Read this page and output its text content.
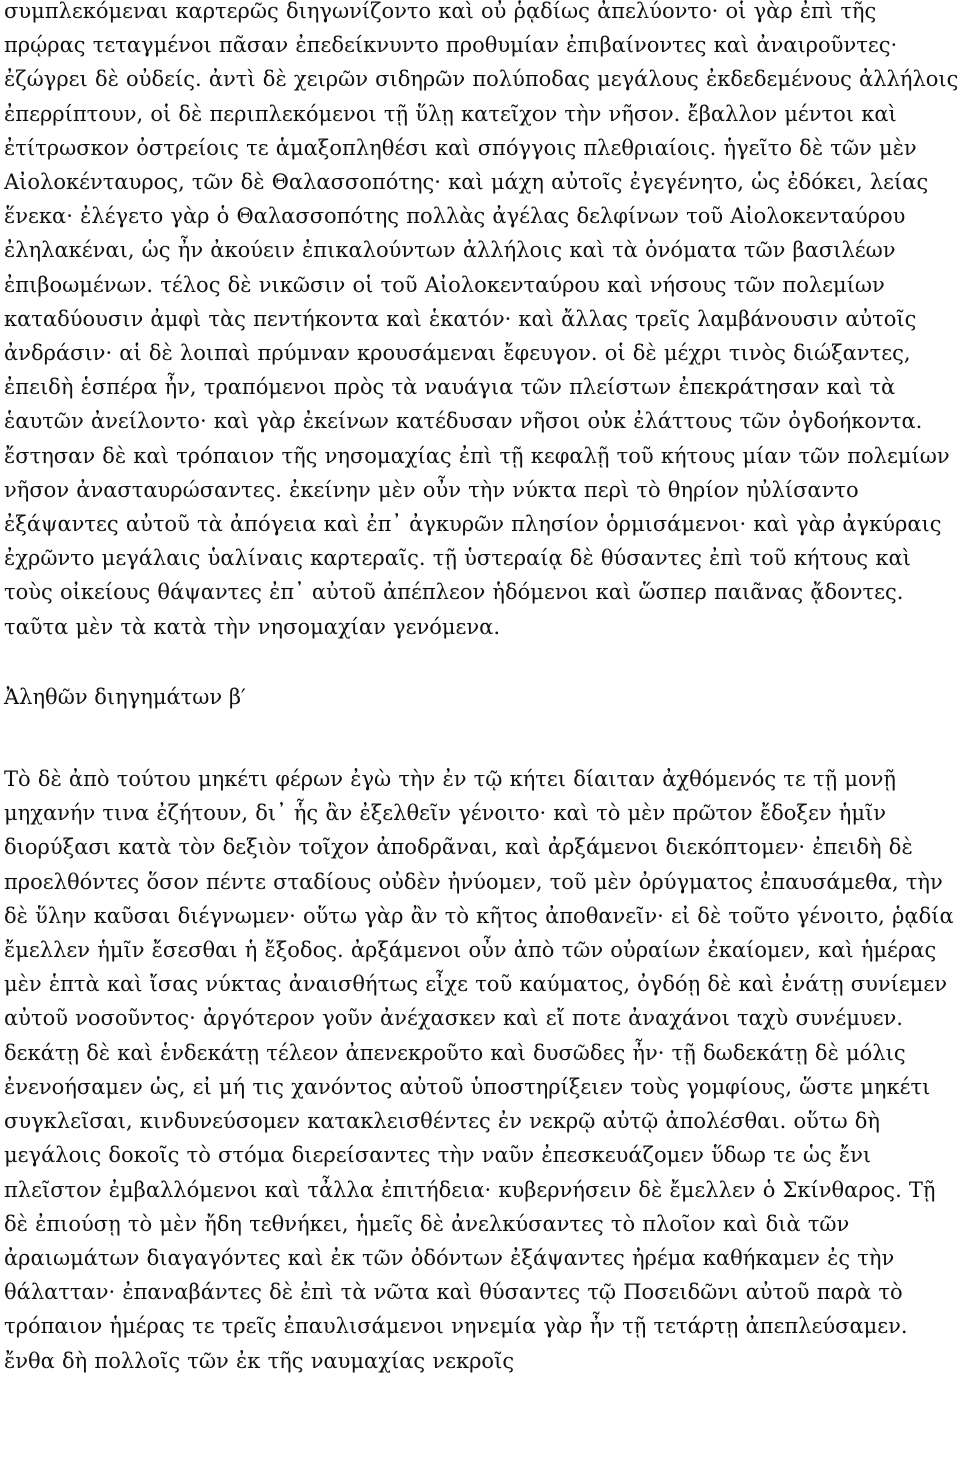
συμπλεκόμεναι καρτερῶς διηγωνίζοντο καὶ οὐ ῥᾳδίως ἀπελύοντο· οἱ γὰρ ἐπὶ τῆς πρῴρας τεταγμένοι πᾶσαν ἐπεδείκνυντο προθυμίαν ἐπιβαίνοντες καὶ ἀναιροῦντες· ἐζώγρει δὲ οὐδείς. ἀντὶ δὲ χειρῶν σιδηρῶν πολύποδας μεγάλους ἐκδεδεμένους ἀλλήλοις ἐπερρίπτουν, οἱ δὲ περιπλεκόμενοι τῇ ὕλῃ κατεῖχον τὴν νῆσον. ἔβαλλον μέντοι καὶ ἐτίτρωσκον ὀστρείοις τε ἁμαξοπληθέσι καὶ σπόγγοις πλεθριαίοις. ἡγεῖτο δὲ τῶν μὲν Αἰολοκένταυρος, τῶν δὲ Θαλασσοπότης· καὶ μάχη αὐτοῖς ἐγεγένητο, ὡς ἐδόκει, λείας ἕνεκα· ἐλέγετο γὰρ ὁ Θαλασσοπότης πολλὰς ἀγέλας δελφίνων τοῦ Αἰολοκενταύρου ἐληλακέναι, ὡς ἦν ἀκούειν ἐπικαλούντων ἀλλήλοις καὶ τὰ ὀνόματα τῶν βασιλέων ἐπιβοωμένων. τέλος δὲ νικῶσιν οἱ τοῦ Αἰολοκενταύρου καὶ νήσους τῶν πολεμίων καταδύουσιν ἀμφὶ τὰς πεντήκοντα καὶ ἑκατόν· καὶ ἄλλας τρεῖς λαμβάνουσιν αὐτοῖς ἀνδράσιν· αἱ δὲ λοιπαὶ πρύμναν κρουσάμεναι ἔφευγον. οἱ δὲ μέχρι τινὸς διώξαντες, ἐπειδὴ ἑσπέρα ἦν, τραπόμενοι πρὸς τὰ ναυάγια τῶν πλείστων ἐπεκράτησαν καὶ τὰ ἑαυτῶν ἀνείλοντο· καὶ γὰρ ἐκείνων κατέδυσαν νῆσοι οὐκ ἐλάττους τῶν ὀγδοήκοντα. ἔστησαν δὲ καὶ τρόπαιον τῆς νησομαχίας ἐπὶ τῇ κεφαλῇ τοῦ κήτους μίαν τῶν πολεμίων νῆσον ἀνασταυρώσαντες. ἐκείνην μὲν οὖν τὴν νύκτα περὶ τὸ θηρίον ηὐλίσαντο ἐξάψαντες αὐτοῦ τὰ ἀπόγεια καὶ ἐπ᾽ ἀγκυρῶν πλησίον ὁρμισάμενοι· καὶ γὰρ ἀγκύραις ἐχρῶντο μεγάλαις ὑαλίναις καρτεραῖς. τῇ ὑστεραίᾳ δὲ θύσαντες ἐπὶ τοῦ κήτους καὶ τοὺς οἰκείους θάψαντες ἐπ᾽ αὐτοῦ ἀπέπλεον ἡδόμενοι καὶ ὥσπερ παιᾶνας ᾄδοντες. ταῦτα μὲν τὰ κατὰ τὴν νησομαχίαν γενόμενα.

Ἀληθῶν διηγημάτων β′

Τὸ δὲ ἀπὸ τούτου μηκέτι φέρων ἐγὼ τὴν ἐν τῷ κήτει δίαιταν ἀχθόμενός τε τῇ μονῇ μηχανήν τινα ἐζήτουν, δι᾽ ἧς ἂν ἐξελθεῖν γένοιτο· καὶ τὸ μὲν πρῶτον ἔδοξεν ἡμῖν διορύξασι κατὰ τὸν δεξιὸν τοῖχον ἀποδρᾶναι, καὶ ἀρξάμενοι διεκόπτομεν· ἐπειδὴ δὲ προελθόντες ὅσον πέντε σταδίους οὐδὲν ἠνύομεν, τοῦ μὲν ὀρύγματος ἐπαυσάμεθα, τὴν δὲ ὕλην καῦσαι διέγνωμεν· οὕτω γὰρ ἂν τὸ κῆτος ἀποθανεῖν· εἰ δὲ τοῦτο γένοιτο, ῥᾳδία ἔμελλεν ἡμῖν ἔσεσθαι ἡ ἔξοδος. ἀρξάμενοι οὖν ἀπὸ τῶν οὐραίων ἐκαίομεν, καὶ ἡμέρας μὲν ἑπτὰ καὶ ἴσας νύκτας ἀναισθήτως εἶχε τοῦ καύματος, ὀγδόῃ δὲ καὶ ἐνάτῃ συνίεμεν αὐτοῦ νοσοῦντος· ἀργότερον γοῦν ἀνέχασκεν καὶ εἴ ποτε ἀναχάνοι ταχὺ συνέμυεν. δεκάτῃ δὲ καὶ ἑνδεκάτῃ τέλεον ἀπενεκροῦτο καὶ δυσῶδες ἦν· τῇ δωδεκάτῃ δὲ μόλις ἐνενοήσαμεν ὡς, εἰ μή τις χανόντος αὐτοῦ ὑποστηρίξειεν τοὺς γομφίους, ὥστε μηκέτι συγκλεῖσαι, κινδυνεύσομεν κατακλεισθέντες ἐν νεκρῷ αὐτῷ ἀπολέσθαι. οὕτω δὴ μεγάλοις δοκοῖς τὸ στόμα διερείσαντες τὴν ναῦν ἐπεσκευάζομεν ὕδωρ τε ὡς ἔνι πλεῖστον ἐμβαλλόμενοι καὶ τἆλλα ἐπιτήδεια· κυβερνήσειν δὲ ἔμελλεν ὁ Σκίνθαρος. Τῇ δὲ ἐπιούσῃ τὸ μὲν ἤδη τεθνήκει, ἡμεῖς δὲ ἀνελκύσαντες τὸ πλοῖον καὶ διὰ τῶν ἀραιωμάτων διαγαγόντες καὶ ἐκ τῶν ὀδόντων ἐξάψαντες ἠρέμα καθήκαμεν ἐς τὴν θάλατταν· ἐπαναβάντες δὲ ἐπὶ τὰ νῶτα καὶ θύσαντες τῷ Ποσειδῶνι αὐτοῦ παρὰ τὸ τρόπαιον ἡμέρας τε τρεῖς ἐπαυλισάμενοι νηνεμία γὰρ ἦν τῇ τετάρτῃ ἀπεπλεύσαμεν. ἔνθα δὴ πολλοῖς τῶν ἐκ τῆς ναυμαχίας νεκροῖς
